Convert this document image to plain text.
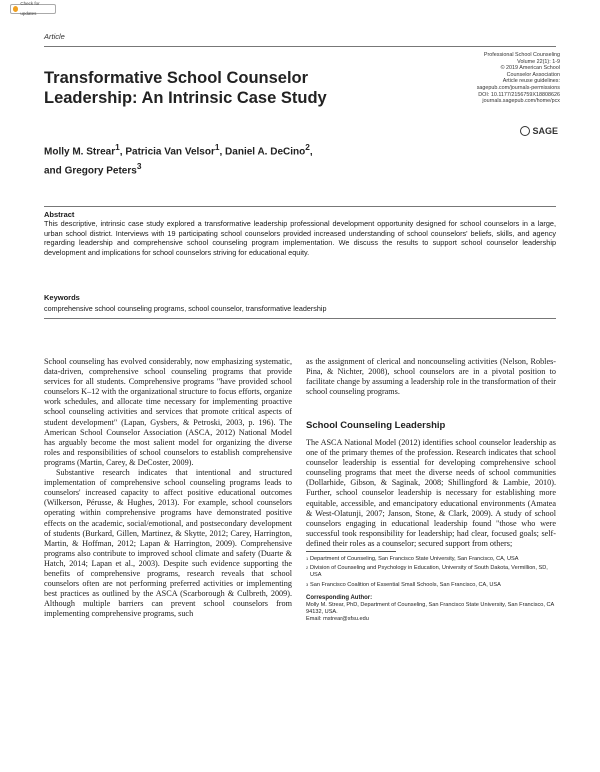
Check for updates
Article
Transformative School Counselor Leadership: An Intrinsic Case Study
Professional School Counseling
Volume 22(1): 1-9
© 2019 American School
Counselor Association
Article reuse guidelines:
sagepub.com/journals-permissions
DOI: 10.1177/2156759X18808626
journals.sagepub.com/home/pcx
SAGE
Molly M. Strear$^1$, Patricia Van Velsor$^1$, Daniel A. DeCino$^2$,
and Gregory Peters$^3$
Abstract
This descriptive, intrinsic case study explored a transformative leadership professional development opportunity designed for school counselors in a large, urban school district. Interviews with 19 participating school counselors provided increased understanding of school counselors' beliefs, skills, and agency regarding leadership and comprehensive school counseling program implementation. We discuss the results to support school counselor leadership development and implications for school counselors striving for educational equity.
Keywords
comprehensive school counseling programs, school counselor, transformative leadership

School counseling has evolved considerably, now emphasizing systematic, data-driven, comprehensive school counseling programs that provide services for all students. Comprehensive programs "have provided school counselors K–12 with the organizational structure to focus efforts, organize work schedules, and allocate time necessary for implementing proactive school counseling activities and services that promote critical aspects of student development" (Lapan, Gysbers, & Petroski, 2003, p. 196). The American School Counselor Association (ASCA, 2012) National Model has arguably become the most salient model for organizing the diverse roles and responsibilities of school counselors to establish comprehensive programs (Martin, Carey, & DeCoster, 2009).

Substantive research indicates that intentional and structured implementation of comprehensive school counseling programs leads to counselors' increased capacity to affect positive educational outcomes (Wilkerson, Pérusse, & Hughes, 2013). For example, school counselors operating within comprehensive programs have demonstrated positive effects on the academic, social/emotional, and postsecondary development of students (Burkard, Gillen, Martinez, & Skytte, 2012; Carey, Harrington, Martin, & Hoffman, 2012; Lapan & Harrington, 2009). Comprehensive programs also contribute to improved school climate and safety (Duarte & Hatch, 2014; Lapan et al., 2003). Despite such evidence supporting the benefits of comprehensive programs, research reveals that school counselors often are not performing preferred activities or implementing best practices as outlined by the ASCA (Scarborough & Culbreth, 2009). Although multiple barriers can prevent school counselors from implementing comprehensive programs, such

as the assignment of clerical and noncounseling activities (Nelson, Robles-Pina, & Nichter, 2008), school counselors are in a pivotal position to facilitate change by assuming a leadership role in the transformation of their school counseling programs.

School Counseling Leadership

The ASCA National Model (2012) identifies school counselor leadership as one of the primary themes of the profession. Research indicates that school counselor leadership is essential for developing comprehensive school counseling programs that meet the diverse needs of school communities (Dollarhide, Gibson, & Saginak, 2008; Shillingford & Lambie, 2010). Further, school counselor leadership is necessary for establishing more equitable, accessible, and emancipatory educational environments (Amatea & West-Olatunji, 2007; Janson, Stone, & Clark, 2009). A study of school counselors engaging in educational leadership found "those who were successful took responsibility for leadership; had clear, focused goals; self-defined their roles as a counselor; secured support from others;

1 Department of Counseling, San Francisco State University, San Francisco, CA, USA
2 Division of Counseling and Psychology in Education, University of South Dakota, Vermillion, SD, USA
3 San Francisco Coalition of Essential Small Schools, San Francisco, CA, USA
Corresponding Author:
Molly M. Strear, PhD, Department of Counseling, San Francisco State University, San Francisco, CA 94132, USA.
Email: mstrear@sfsu.edu
